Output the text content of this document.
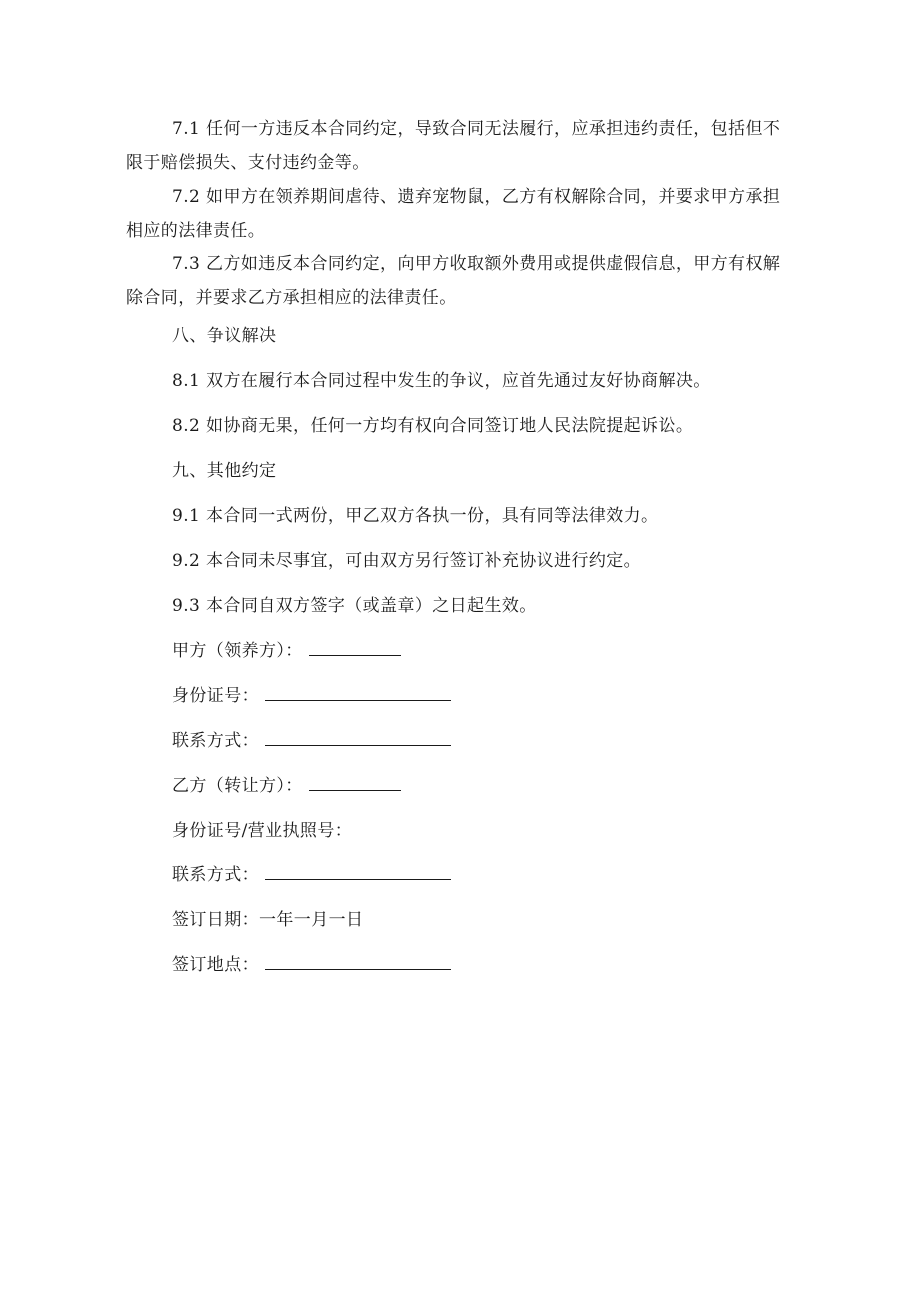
7.1 任何一方违反本合同约定，导致合同无法履行，应承担违约责任，包括但不限于赔偿损失、支付违约金等。

7.2 如甲方在领养期间虐待、遗弃宠物鼠，乙方有权解除合同，并要求甲方承担相应的法律责任。

7.3 乙方如违反本合同约定，向甲方收取额外费用或提供虚假信息，甲方有权解除合同，并要求乙方承担相应的法律责任。

八、争议解决

8.1 双方在履行本合同过程中发生的争议，应首先通过友好协商解决。

8.2 如协商无果，任何一方均有权向合同签订地人民法院提起诉讼。

九、其他约定

9.1 本合同一式两份，甲乙双方各执一份，具有同等法律效力。

9.2 本合同未尽事宜，可由双方另行签订补充协议进行约定。

9.3 本合同自双方签字（或盖章）之日起生效。

甲方（领养方）：
身份证号：
联系方式：
乙方（转让方）：
身份证号/营业执照号：
联系方式：
签订日期：一年一月一日
签订地点：
